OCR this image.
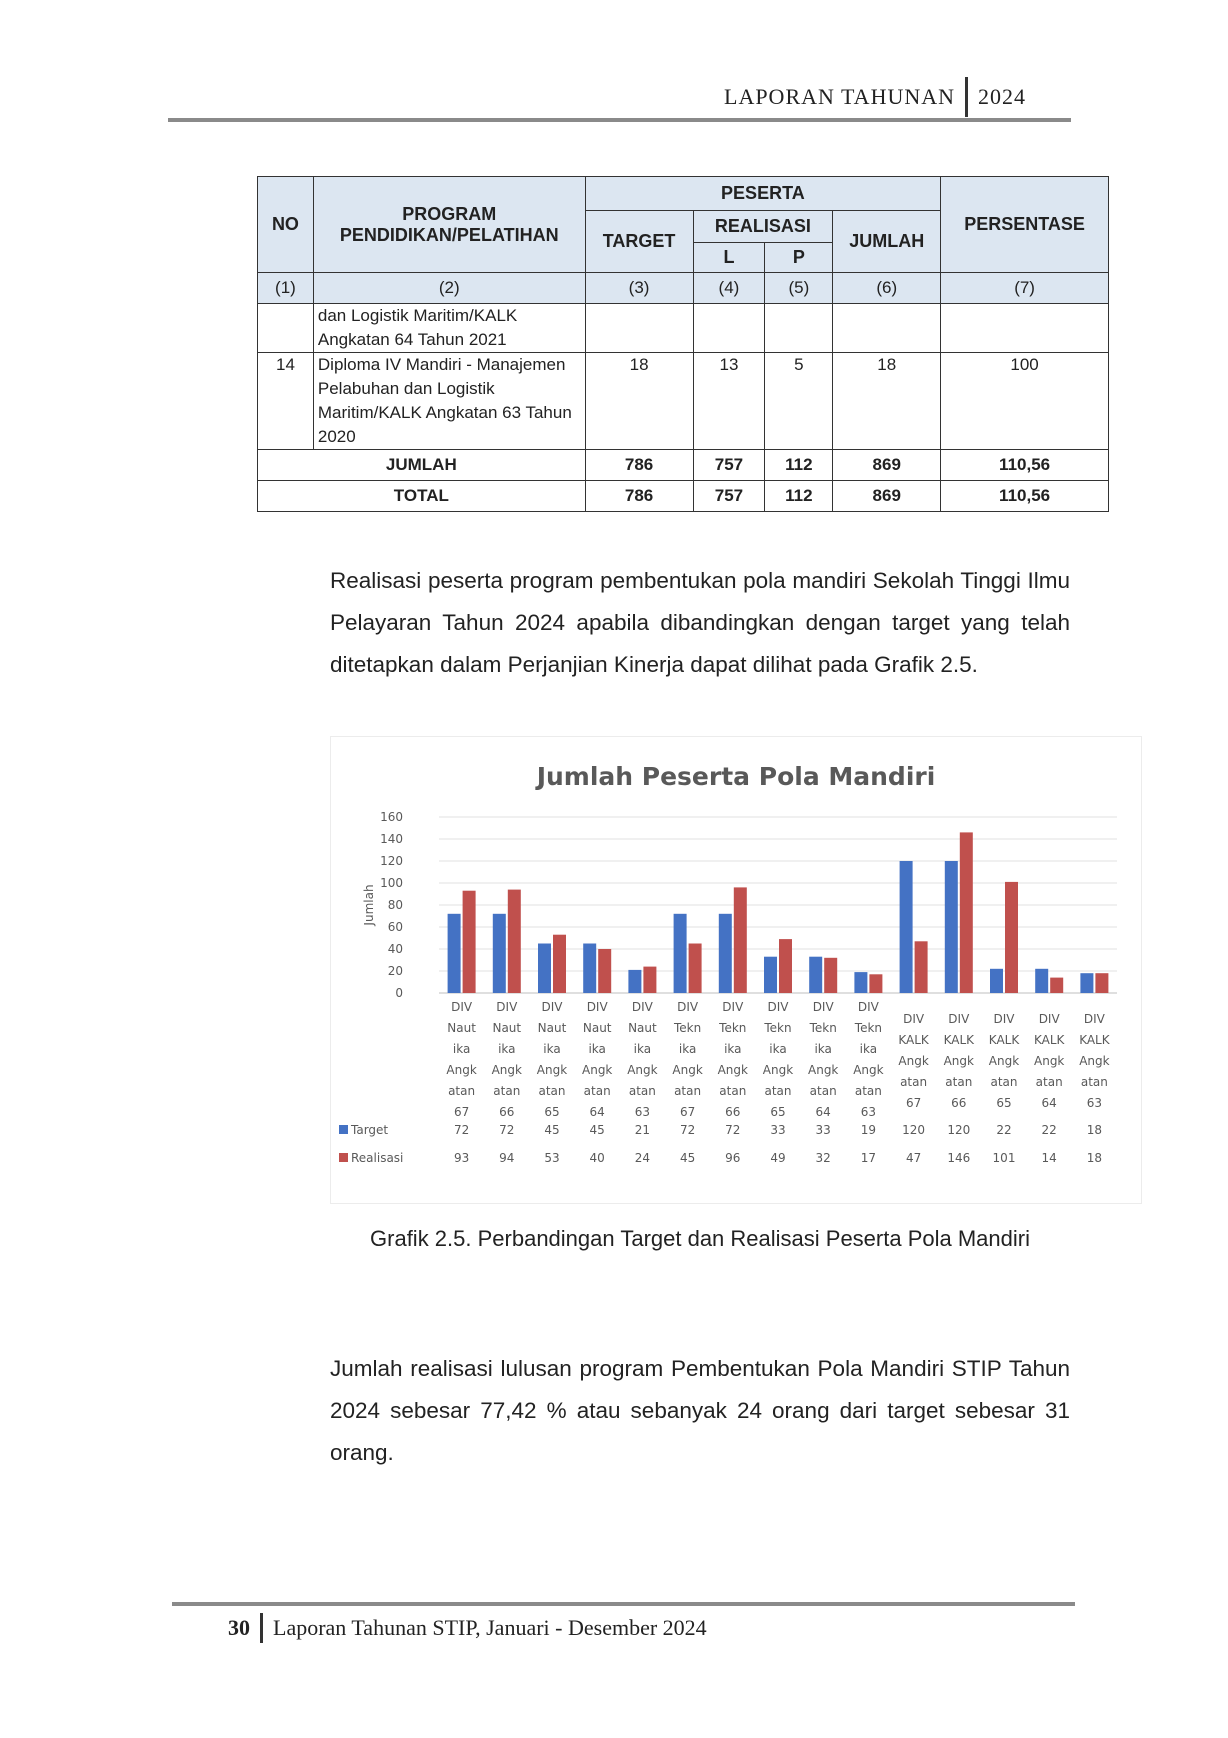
LAPORAN TAHUNAN 2024
NO	PROGRAM PENDIDIKAN/PELATIHAN	PESERTA				PERSENTASE
		TARGET	REALISASI		JUMLAH	
			L	P		
(1)	(2)	(3)	(4)	(5)	(6)	(7)
	dan Logistik Maritim/KALK Angkatan 64 Tahun 2021					
14	Diploma IV Mandiri - Manajemen Pelabuhan dan Logistik Maritim/KALK Angkatan 63 Tahun 2020	18	13	5	18	100
JUMLAH		786	757	112	869	110,56
TOTAL		786	757	112	869	110,56
Realisasi peserta program pembentukan pola mandiri Sekolah Tinggi Ilmu Pelayaran Tahun 2024 apabila dibandingkan dengan target yang telah ditetapkan dalam Perjanjian Kinerja dapat dilihat pada Grafik 2.5.
Jumlah Peserta Pola Mandiri
Jumlah
0
20
40
60
80
100
120
140
160
DIV
Naut
ika
Angk
atan
67
DIV
Naut
ika
Angk
atan
66
DIV
Naut
ika
Angk
atan
65
DIV
Naut
ika
Angk
atan
64
DIV
Naut
ika
Angk
atan
63
DIV
Tekn
ika
Angk
atan
67
DIV
Tekn
ika
Angk
atan
66
DIV
Tekn
ika
Angk
atan
65
DIV
Tekn
ika
Angk
atan
64
DIV
Tekn
ika
Angk
atan
63
DIV
KALK
Angk
atan
67
DIV
KALK
Angk
atan
66
DIV
KALK
Angk
atan
65
DIV
KALK
Angk
atan
64
DIV
KALK
Angk
atan
63
Target	72 72 45 45 21 72 72 33 33 19 120 120 22 22 18
Realisasi	93 94 53 40 24 45 96 49 32 17 47 146 101 14 18
Grafik 2.5. Perbandingan Target dan Realisasi Peserta Pola Mandiri
Jumlah realisasi lulusan program Pembentukan Pola Mandiri STIP Tahun 2024 sebesar 77,42 % atau sebanyak 24 orang dari target sebesar 31 orang.
30 Laporan Tahunan STIP, Januari - Desember 2024
